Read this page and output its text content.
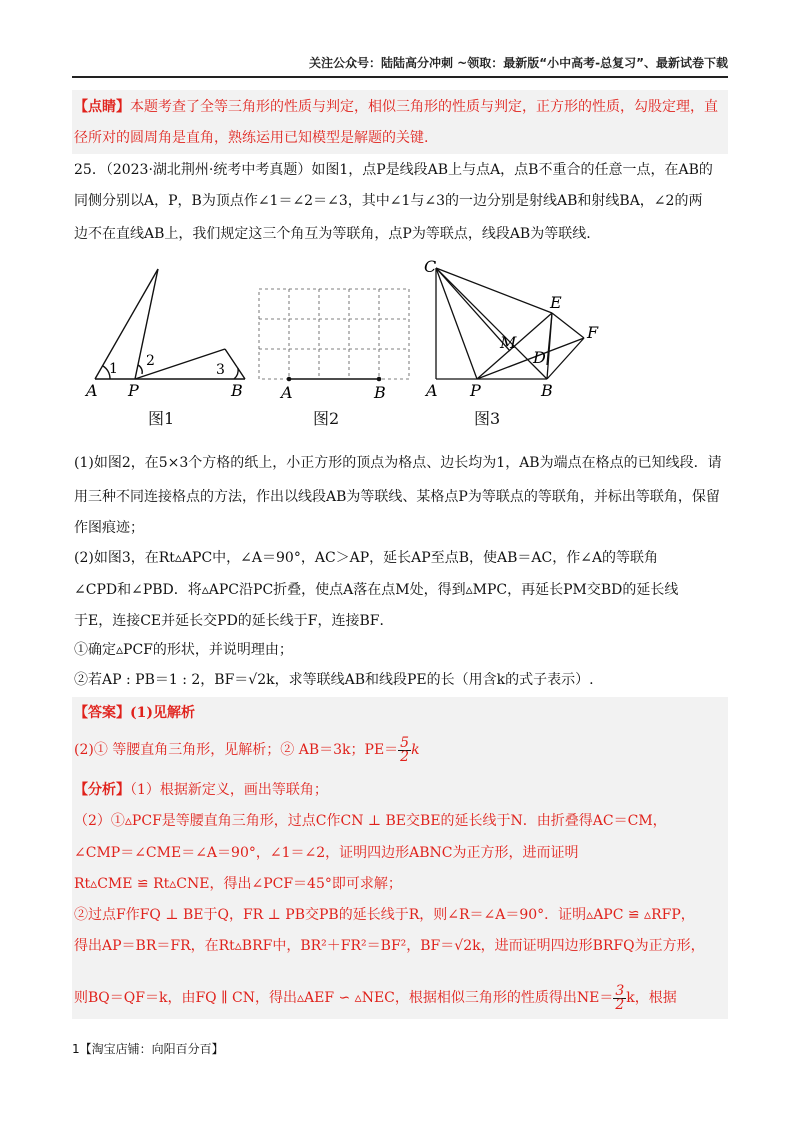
关注公众号：陆陆高分冲刺 ~领取：最新版“小中高考-总复习”、最新试卷下载
【点睛】本题考查了全等三角形的性质与判定，相似三角形的性质与判定，正方形的性质，勾股定理，直
径所对的圆周角是直角，熟练运用已知模型是解题的关键.
25．（2023·湖北荆州·统考中考真题）如图1，点P是线段AB上与点A，点B不重合的任意一点，在AB的
同侧分别以A，P，B为顶点作∠1＝∠2＝∠3，其中∠1与∠3的一边分别是射线AB和射线BA，∠2的两
边不在直线AB上，我们规定这三个角互为等联角，点P为等联点，线段AB为等联线.
A P	B
1 2
3
图1
A	B
图2
C
E
F
M
D
A P	B
图3
(1)如图2，在5×3个方格的纸上，小正方形的顶点为格点、边长均为1，AB为端点在格点的已知线段．请
用三种不同连接格点的方法，作出以线段AB为等联线、某格点P为等联点的等联角，并标出等联角，保留
作图痕迹；
(2)如图3，在Rt▵APC中，∠A＝90°，AC＞AP，延长AP至点B，使AB＝AC，作∠A的等联角
∠CPD和∠PBD．将▵APC沿PC折叠，使点A落在点M处，得到▵MPC，再延长PM交BD的延长线
于E，连接CE并延长交PD的延长线于F，连接BF．
①确定▵PCF的形状，并说明理由；
②若AP : PB＝1 : 2，BF＝√2k，求等联线AB和线段PE的长（用含k的式子表示）.
【答案】(1)见解析
(2)① 等腰直角三角形，见解析；② AB＝3k；$PE= \frac{5}{2}$ k
【分析】（1）根据新定义，画出等联角；
（2）①▵PCF是等腰直角三角形，过点C作CN ⊥ BE交BE的延长线于N．由折叠得AC＝CM，
∠CMP＝∠CME＝∠A＝90°，∠1＝∠2，证明四边形ABNC为正方形，进而证明
Rt▵CME ≌ Rt▵CNE，得出∠PCF＝45°即可求解；
②过点F作FQ ⊥ BE于Q，FR ⊥ PB交PB的延长线于R，则∠R＝∠A＝90°．证明▵APC ≌ ▵RFP，
得出AP＝BR＝FR，在Rt▵BRF中，BR²＋FR²＝BF²，BF＝√2k，进而证明四边形BRFQ为正方形，
则BQ＝QF＝k，由FQ ∥ CN，得出▵AEF ∽ ▵NEC，根据相似三角形的性质得出$NE= \frac{3}{2}$ k，根据
1【淘宝店铺：向阳百分百】
